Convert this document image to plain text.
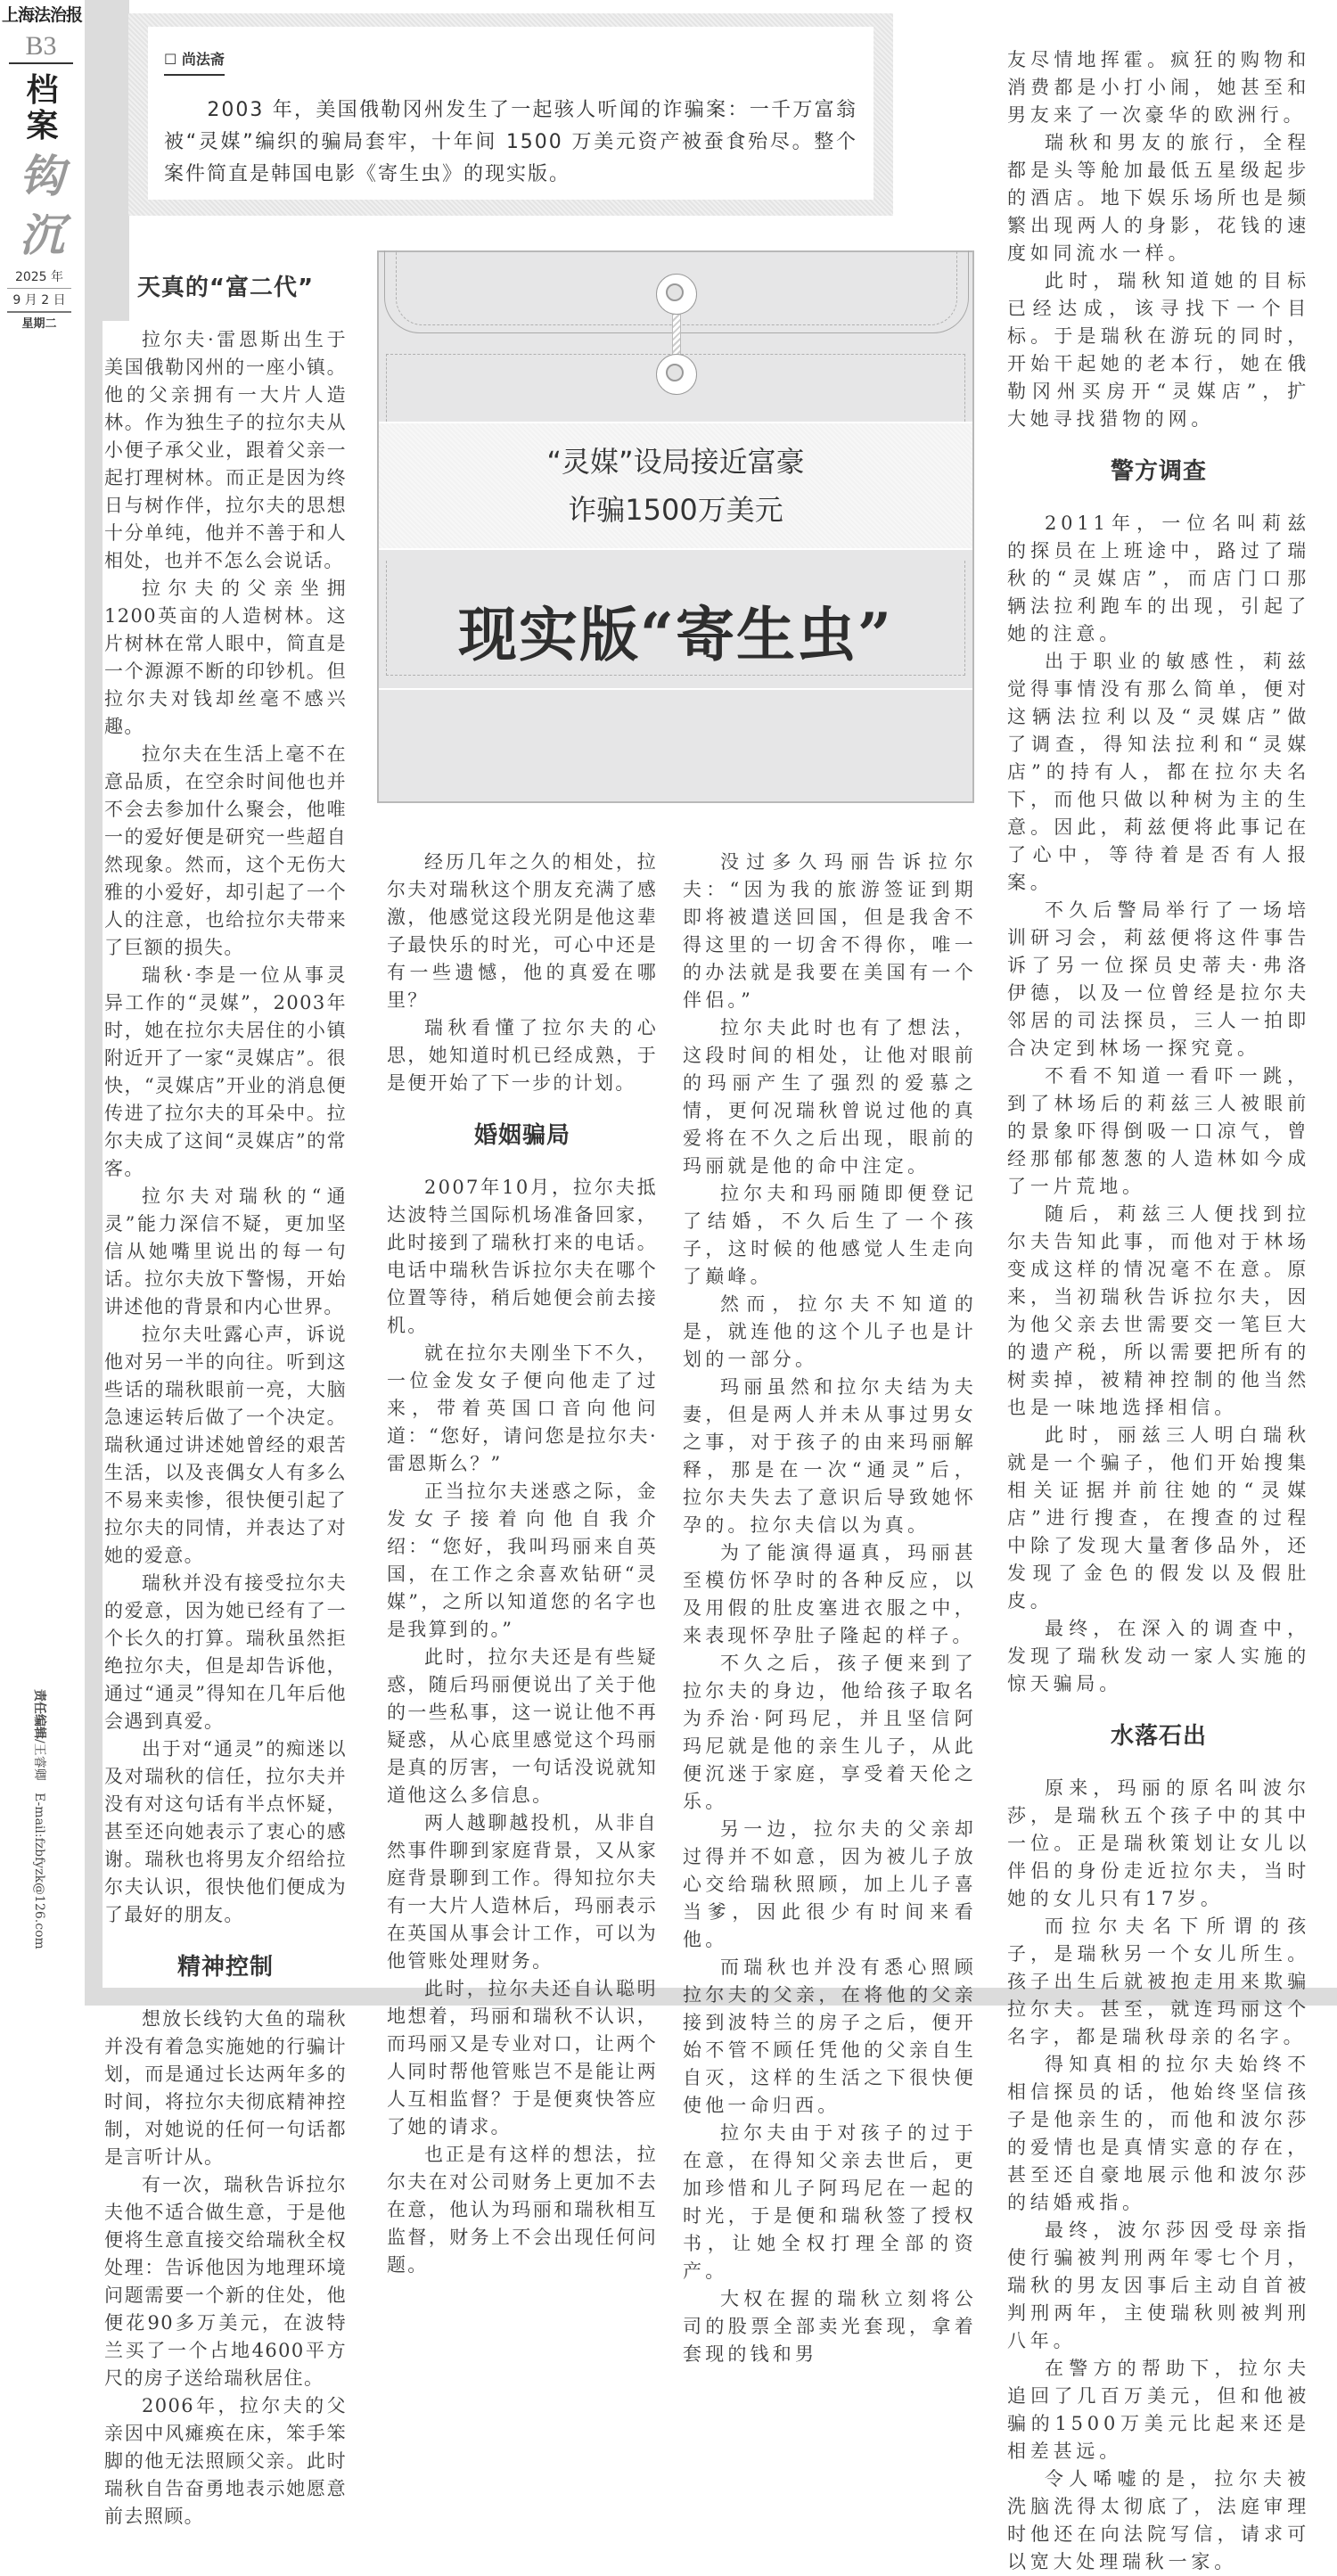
上海法治报
B3
档案
钩沉
2025 年
9 月 2 日
星期二
责任编辑/王睿卿   E-mail:fzbfyzk@126.com
☐ 尚法斋
2003 年，美国俄勒冈州发生了一起骇人听闻的诈骗案：一千万富翁被“灵媒”编织的骗局套牢，十年间 1500 万美元资产被蚕食殆尽。整个案件简直是韩国电影《寄生虫》的现实版。
“灵媒”设局接近富豪
诈骗1500万美元
现实版“寄生虫”
天真的“富二代”

拉尔夫·雷恩斯出生于美国俄勒冈州的一座小镇。他的父亲拥有一大片人造林。作为独生子的拉尔夫从小便子承父业，跟着父亲一起打理树林。而正是因为终日与树作伴，拉尔夫的思想十分单纯，他并不善于和人相处，也并不怎么会说话。

拉尔夫的父亲坐拥1200英亩的人造树林。这片树林在常人眼中，简直是一个源源不断的印钞机。但拉尔夫对钱却丝毫不感兴趣。

拉尔夫在生活上毫不在意品质，在空余时间他也并不会去参加什么聚会，他唯一的爱好便是研究一些超自然现象。然而，这个无伤大雅的小爱好，却引起了一个人的注意，也给拉尔夫带来了巨额的损失。

瑞秋·李是一位从事灵异工作的“灵媒”，2003年时，她在拉尔夫居住的小镇附近开了一家“灵媒店”。很快，“灵媒店”开业的消息便传进了拉尔夫的耳朵中。拉尔夫成了这间“灵媒店”的常客。

拉尔夫对瑞秋的“通灵”能力深信不疑，更加坚信从她嘴里说出的每一句话。拉尔夫放下警惕，开始讲述他的背景和内心世界。

拉尔夫吐露心声，诉说他对另一半的向往。听到这些话的瑞秋眼前一亮，大脑急速运转后做了一个决定。瑞秋通过讲述她曾经的艰苦生活，以及丧偶女人有多么不易来卖惨，很快便引起了拉尔夫的同情，并表达了对她的爱意。

瑞秋并没有接受拉尔夫的爱意，因为她已经有了一个长久的打算。瑞秋虽然拒绝拉尔夫，但是却告诉他，通过“通灵”得知在几年后他会遇到真爱。

出于对“通灵”的痴迷以及对瑞秋的信任，拉尔夫并没有对这句话有半点怀疑，甚至还向她表示了衷心的感谢。瑞秋也将男友介绍给拉尔夫认识，很快他们便成为了最好的朋友。

精神控制

想放长线钓大鱼的瑞秋并没有着急实施她的行骗计划，而是通过长达两年多的时间，将拉尔夫彻底精神控制，对她说的任何一句话都是言听计从。

有一次，瑞秋告诉拉尔夫他不适合做生意，于是他便将生意直接交给瑞秋全权处理：告诉他因为地理环境问题需要一个新的住处，他便花90多万美元，在波特兰买了一个占地4600平方尺的房子送给瑞秋居住。

2006年，拉尔夫的父亲因中风瘫痪在床，笨手笨脚的他无法照顾父亲。此时瑞秋自告奋勇地表示她愿意前去照顾。

经历几年之久的相处，拉尔夫对瑞秋这个朋友充满了感激，他感觉这段光阴是他这辈子最快乐的时光，可心中还是有一些遗憾，他的真爱在哪里？

瑞秋看懂了拉尔夫的心思，她知道时机已经成熟，于是便开始了下一步的计划。

婚姻骗局

2007年10月，拉尔夫抵达波特兰国际机场准备回家，此时接到了瑞秋打来的电话。电话中瑞秋告诉拉尔夫在哪个位置等待，稍后她便会前去接机。

就在拉尔夫刚坐下不久，一位金发女子便向他走了过来，带着英国口音向他问道：“您好，请问您是拉尔夫·雷恩斯么？”

正当拉尔夫迷惑之际，金发女子接着向他自我介绍：“您好，我叫玛丽来自英国，在工作之余喜欢钻研“灵媒”，之所以知道您的名字也是我算到的。”

此时，拉尔夫还是有些疑惑，随后玛丽便说出了关于他的一些私事，这一说让他不再疑惑，从心底里感觉这个玛丽是真的厉害，一句话没说就知道他这么多信息。

两人越聊越投机，从非自然事件聊到家庭背景，又从家庭背景聊到工作。得知拉尔夫有一大片人造林后，玛丽表示在英国从事会计工作，可以为他管账处理财务。

此时，拉尔夫还自认聪明地想着，玛丽和瑞秋不认识，而玛丽又是专业对口，让两个人同时帮他管账岂不是能让两人互相监督？于是便爽快答应了她的请求。

也正是有这样的想法，拉尔夫在对公司财务上更加不去在意，他认为玛丽和瑞秋相互监督，财务上不会出现任何问题。

没过多久玛丽告诉拉尔夫：“因为我的旅游签证到期即将被遣送回国，但是我舍不得这里的一切舍不得你，唯一的办法就是我要在美国有一个伴侣。”

拉尔夫此时也有了想法，这段时间的相处，让他对眼前的玛丽产生了强烈的爱慕之情，更何况瑞秋曾说过他的真爱将在不久之后出现，眼前的玛丽就是他的命中注定。

拉尔夫和玛丽随即便登记了结婚，不久后生了一个孩子，这时候的他感觉人生走向了巅峰。

然而，拉尔夫不知道的是，就连他的这个儿子也是计划的一部分。

玛丽虽然和拉尔夫结为夫妻，但是两人并未从事过男女之事，对于孩子的由来玛丽解释，那是在一次“通灵”后，拉尔夫失去了意识后导致她怀孕的。拉尔夫信以为真。

为了能演得逼真，玛丽甚至模仿怀孕时的各种反应，以及用假的肚皮塞进衣服之中，来表现怀孕肚子隆起的样子。

不久之后，孩子便来到了拉尔夫的身边，他给孩子取名为乔治·阿玛尼，并且坚信阿玛尼就是他的亲生儿子，从此便沉迷于家庭，享受着天伦之乐。

另一边，拉尔夫的父亲却过得并不如意，因为被儿子放心交给瑞秋照顾，加上儿子喜当爹，因此很少有时间来看他。

而瑞秋也并没有悉心照顾拉尔夫的父亲，在将他的父亲接到波特兰的房子之后，便开始不管不顾任凭他的父亲自生自灭，这样的生活之下很快便使他一命归西。

拉尔夫由于对孩子的过于在意，在得知父亲去世后，更加珍惜和儿子阿玛尼在一起的时光，于是便和瑞秋签了授权书，让她全权打理全部的资产。

大权在握的瑞秋立刻将公司的股票全部卖光套现，拿着套现的钱和男

友尽情地挥霍。疯狂的购物和消费都是小打小闹，她甚至和男友来了一次豪华的欧洲行。

瑞秋和男友的旅行，全程都是头等舱加最低五星级起步的酒店。地下娱乐场所也是频繁出现两人的身影，花钱的速度如同流水一样。

此时，瑞秋知道她的目标已经达成，该寻找下一个目标。于是瑞秋在游玩的同时，开始干起她的老本行，她在俄勒冈州买房开“灵媒店”，扩大她寻找猎物的网。

警方调查

2011年，一位名叫莉兹的探员在上班途中，路过了瑞秋的“灵媒店”，而店门口那辆法拉利跑车的出现，引起了她的注意。

出于职业的敏感性，莉兹觉得事情没有那么简单，便对这辆法拉利以及“灵媒店”做了调查，得知法拉利和“灵媒店”的持有人，都在拉尔夫名下，而他只做以种树为主的生意。因此，莉兹便将此事记在了心中，等待着是否有人报案。

不久后警局举行了一场培训研习会，莉兹便将这件事告诉了另一位探员史蒂夫·弗洛伊德，以及一位曾经是拉尔夫邻居的司法探员，三人一拍即合决定到林场一探究竟。

不看不知道一看吓一跳，到了林场后的莉兹三人被眼前的景象吓得倒吸一口凉气，曾经那郁郁葱葱的人造林如今成了一片荒地。

随后，莉兹三人便找到拉尔夫告知此事，而他对于林场变成这样的情况毫不在意。原来，当初瑞秋告诉拉尔夫，因为他父亲去世需要交一笔巨大的遗产税，所以需要把所有的树卖掉，被精神控制的他当然也是一味地选择相信。

此时，丽兹三人明白瑞秋就是一个骗子，他们开始搜集相关证据并前往她的“灵媒店”进行搜查，在搜查的过程中除了发现大量奢侈品外，还发现了金色的假发以及假肚皮。

最终，在深入的调查中，发现了瑞秋发动一家人实施的惊天骗局。

水落石出

原来，玛丽的原名叫波尔莎，是瑞秋五个孩子中的其中一位。正是瑞秋策划让女儿以伴侣的身份走近拉尔夫，当时她的女儿只有17岁。

而拉尔夫名下所谓的孩子，是瑞秋另一个女儿所生。孩子出生后就被抱走用来欺骗拉尔夫。甚至，就连玛丽这个名字，都是瑞秋母亲的名字。

得知真相的拉尔夫始终不相信探员的话，他始终坚信孩子是他亲生的，而他和波尔莎的爱情也是真情实意的存在，甚至还自豪地展示他和波尔莎的结婚戒指。

最终，波尔莎因受母亲指使行骗被判刑两年零七个月，瑞秋的男友因事后主动自首被判刑两年，主使瑞秋则被判刑八年。

在警方的帮助下，拉尔夫追回了几百万美元，但和他被骗的1500万美元比起来还是相差甚远。

令人唏嘘的是，拉尔夫被洗脑洗得太彻底了，法庭审理时他还在向法院写信，请求可以宽大处理瑞秋一家。
